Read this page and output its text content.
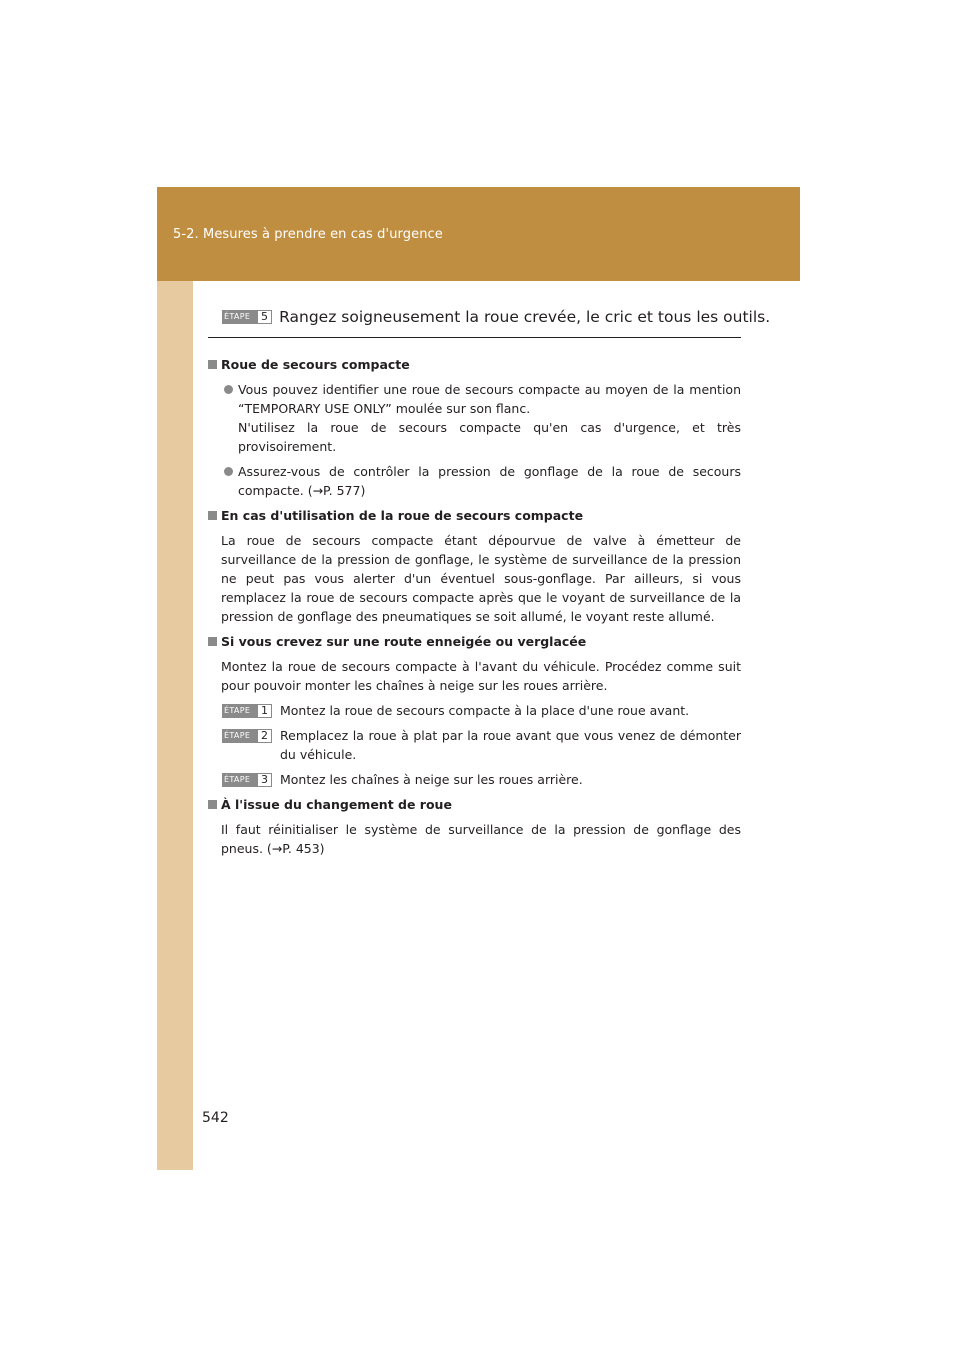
5-2. Mesures à prendre en cas d'urgence
ÉTAPE 5 Rangez soigneusement la roue crevée, le cric et tous les outils.
Roue de secours compacte
Vous pouvez identifier une roue de secours compacte au moyen de la mention “TEMPORARY USE ONLY” moulée sur son flanc.
N'utilisez la roue de secours compacte qu'en cas d'urgence, et très provisoirement.
Assurez-vous de contrôler la pression de gonflage de la roue de secours compacte. (→P. 577)
En cas d'utilisation de la roue de secours compacte
La roue de secours compacte étant dépourvue de valve à émetteur de surveillance de la pression de gonflage, le système de surveillance de la pression ne peut pas vous alerter d'un éventuel sous-gonflage. Par ailleurs, si vous remplacez la roue de secours compacte après que le voyant de surveillance de la pression de gonflage des pneumatiques se soit allumé, le voyant reste allumé.
Si vous crevez sur une route enneigée ou verglacée
Montez la roue de secours compacte à l'avant du véhicule. Procédez comme suit pour pouvoir monter les chaînes à neige sur les roues arrière.
ÉTAPE 1 Montez la roue de secours compacte à la place d'une roue avant.
ÉTAPE 2 Remplacez la roue à plat par la roue avant que vous venez de démonter du véhicule.
ÉTAPE 3 Montez les chaînes à neige sur les roues arrière.
À l'issue du changement de roue
Il faut réinitialiser le système de surveillance de la pression de gonflage des pneus. (→P. 453)
542
